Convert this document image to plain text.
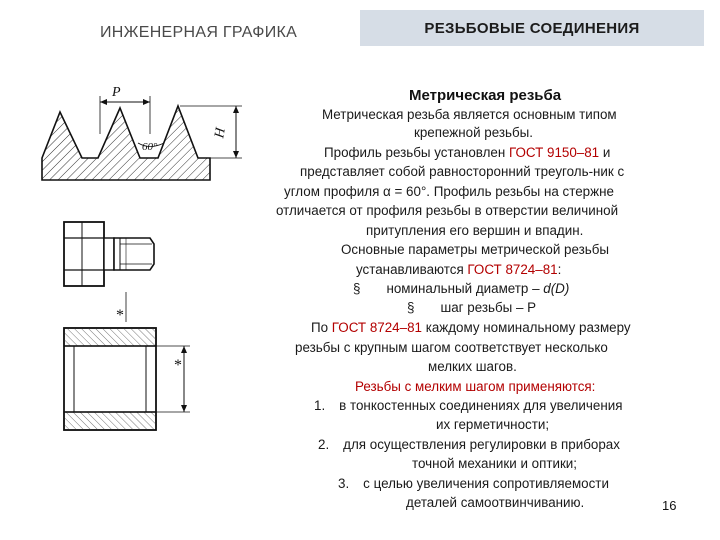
ИНЖЕНЕРНАЯ ГРАФИКА	РЕЗЬБОВЫЕ СОЕДИНЕНИЯ
Метрическая резьба
P
H
60°
*
*
Метрическая резьба является основным типом
крепежной резьбы.
Профиль резьбы установлен ГОСТ 9150–81 и
представляет собой равносторонний треуголь-ник с
углом профиля α = 60°. Профиль резьбы на стержне
отличается от профиля резьбы в отверстии величиной
притупления его вершин и впадин.
Основные параметры метрической резьбы
устанавливаются ГОСТ 8724–81:
§ номинальный диаметр – d(D)
§ шаг резьбы – P
По ГОСТ 8724–81 каждому номинальному размеру
резьбы с крупным шагом соответствует несколько
мелких шагов.
Резьбы с мелким шагом применяются:
1. в тонкостенных соединениях для увеличения
их герметичности;
2. для осуществления регулировки в приборах
точной механики и оптики;
3. с целью увеличения сопротивляемости
деталей самоотвинчиванию.	16
